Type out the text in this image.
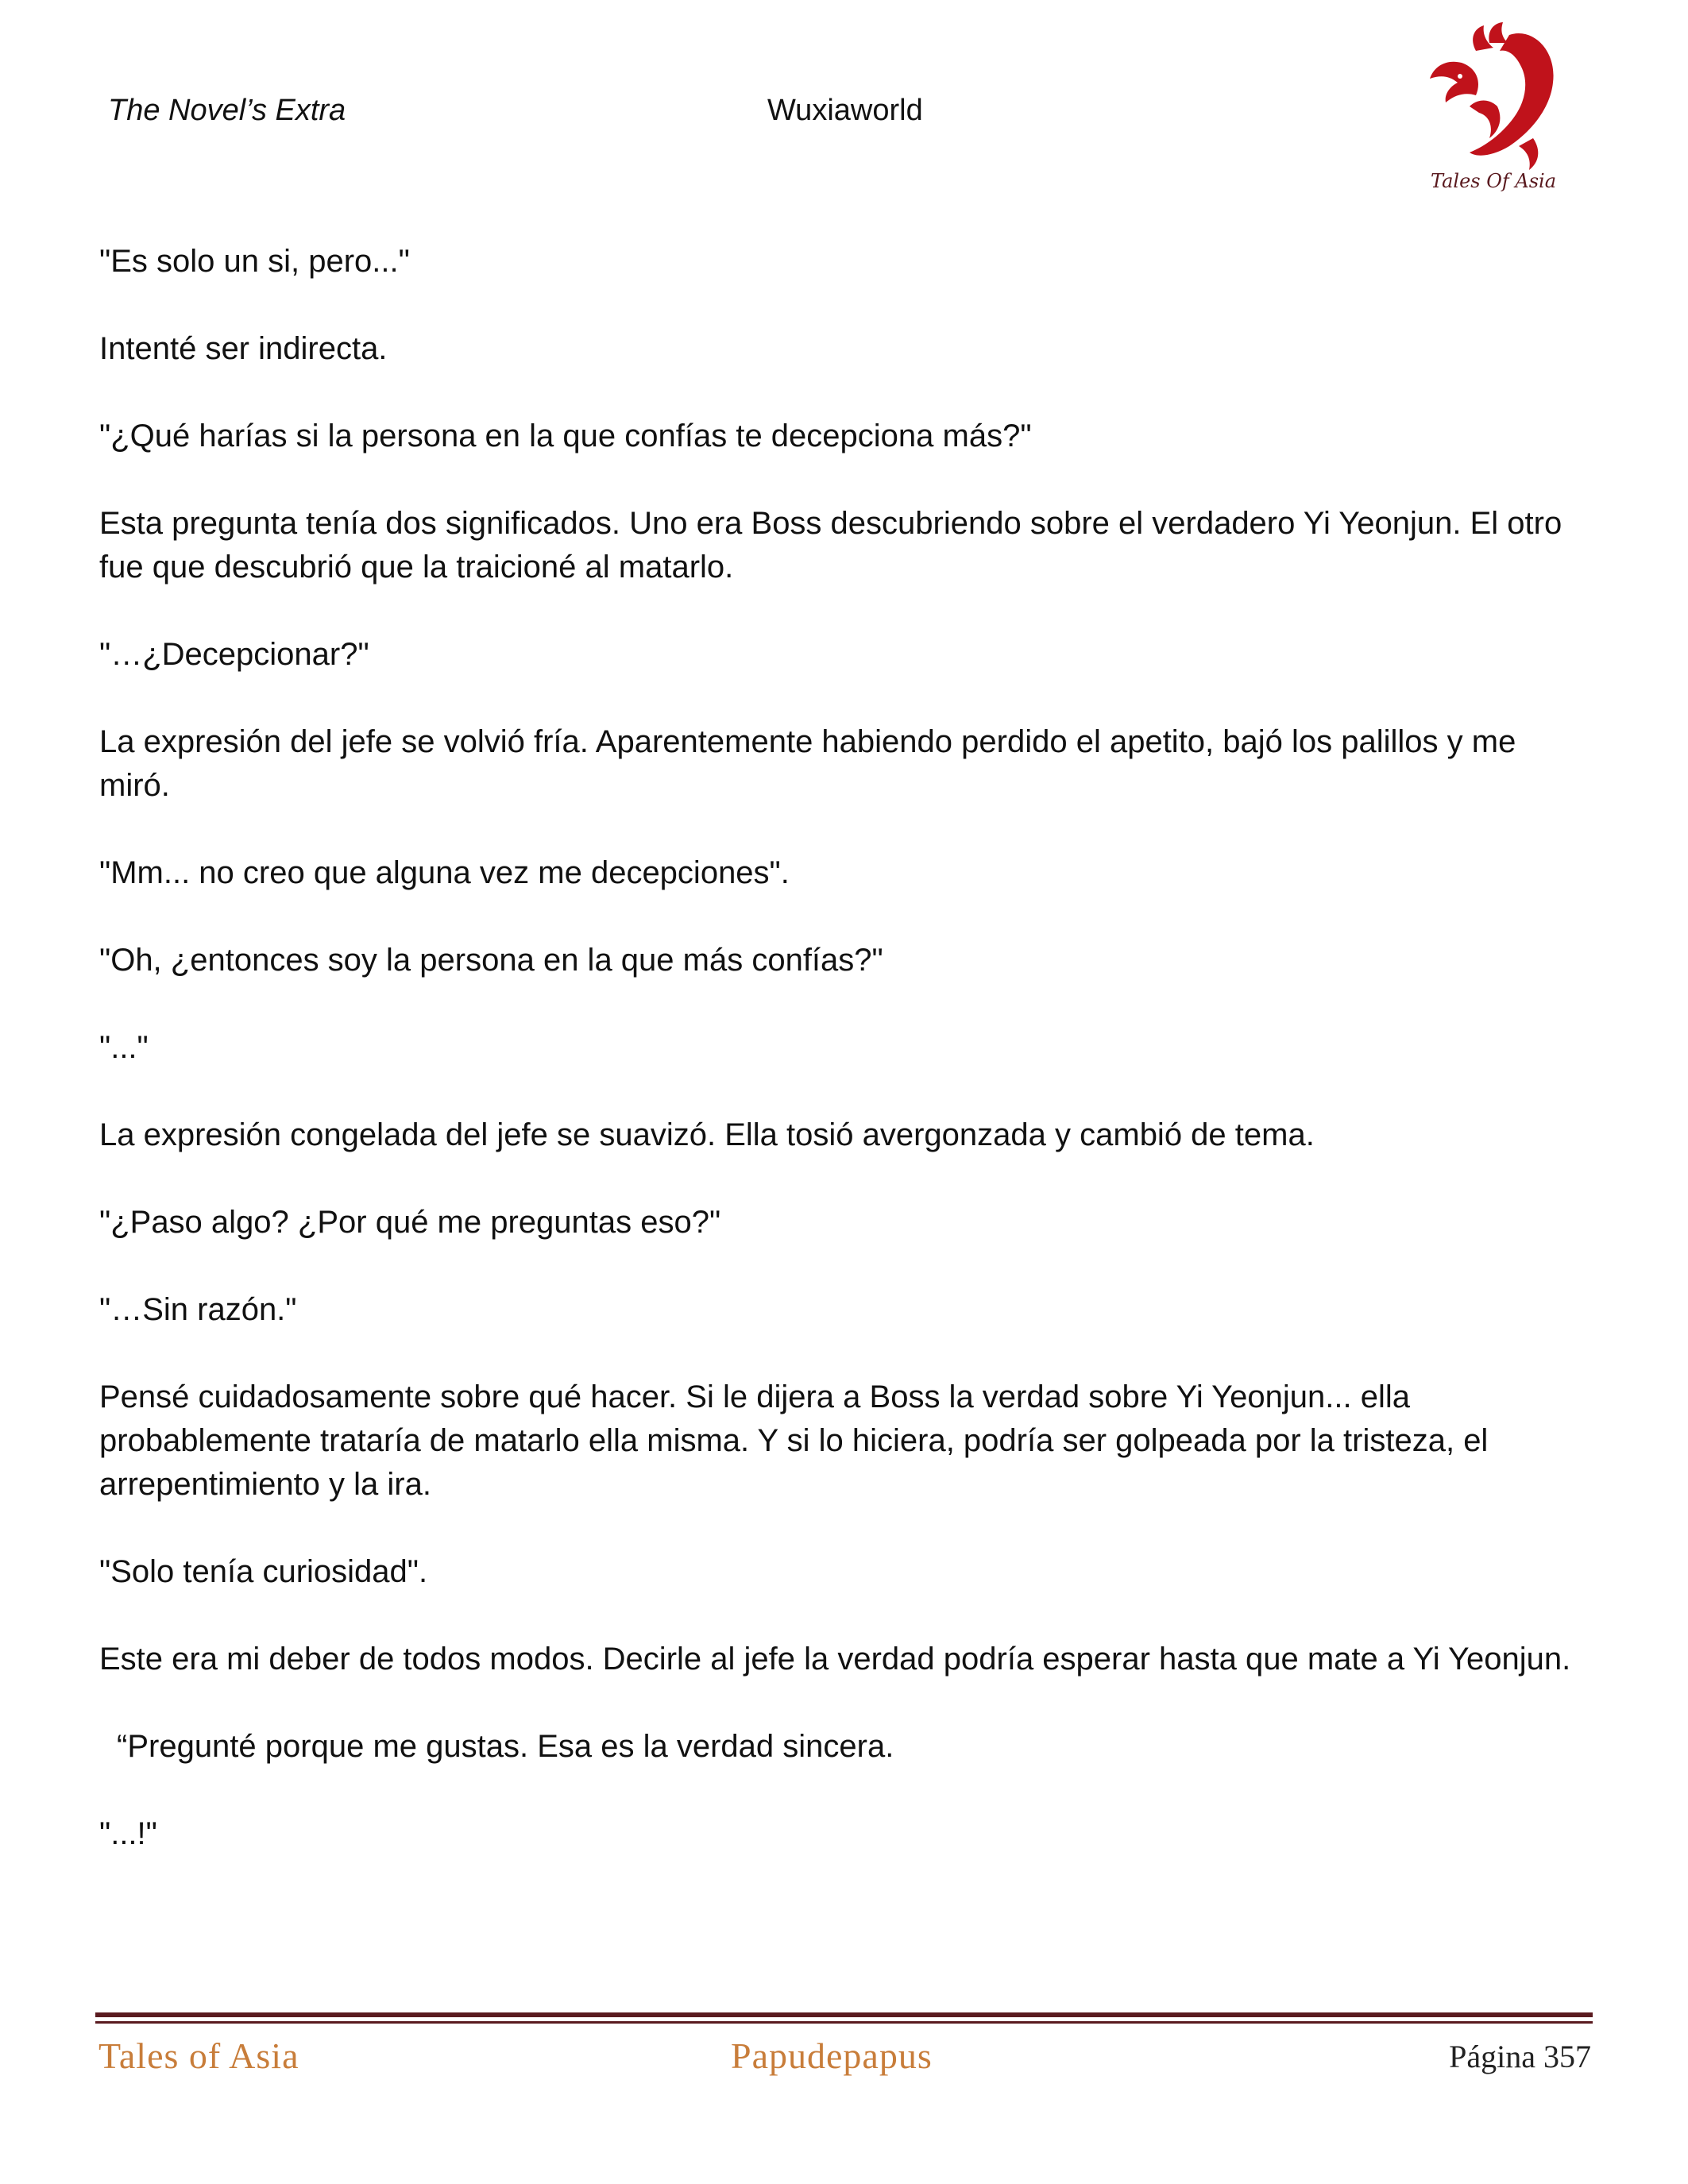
The Novel’s Extra	Wuxiaworld
Tales Of Asia

"Es solo un si, pero..."

Intenté ser indirecta.

"¿Qué harías si la persona en la que confías te decepciona más?"

Esta pregunta tenía dos significados. Uno era Boss descubriendo sobre el verdadero Yi Yeonjun. El otro fue que descubrió que la traicioné al matarlo.

"…¿Decepcionar?"

La expresión del jefe se volvió fría. Aparentemente habiendo perdido el apetito, bajó los palillos y me miró.

"Mm... no creo que alguna vez me decepciones".

"Oh, ¿entonces soy la persona en la que más confías?"

"..."

La expresión congelada del jefe se suavizó. Ella tosió avergonzada y cambió de tema.

"¿Paso algo? ¿Por qué me preguntas eso?"

"…Sin razón."

Pensé cuidadosamente sobre qué hacer. Si le dijera a Boss la verdad sobre Yi Yeonjun... ella probablemente trataría de matarlo ella misma. Y si lo hiciera, podría ser golpeada por la tristeza, el arrepentimiento y la ira.

"Solo tenía curiosidad".

Este era mi deber de todos modos. Decirle al jefe la verdad podría esperar hasta que mate a Yi Yeonjun.

“Pregunté porque me gustas. Esa es la verdad sincera.

"...!"

Tales of Asia	Papudepapus	Página 357
